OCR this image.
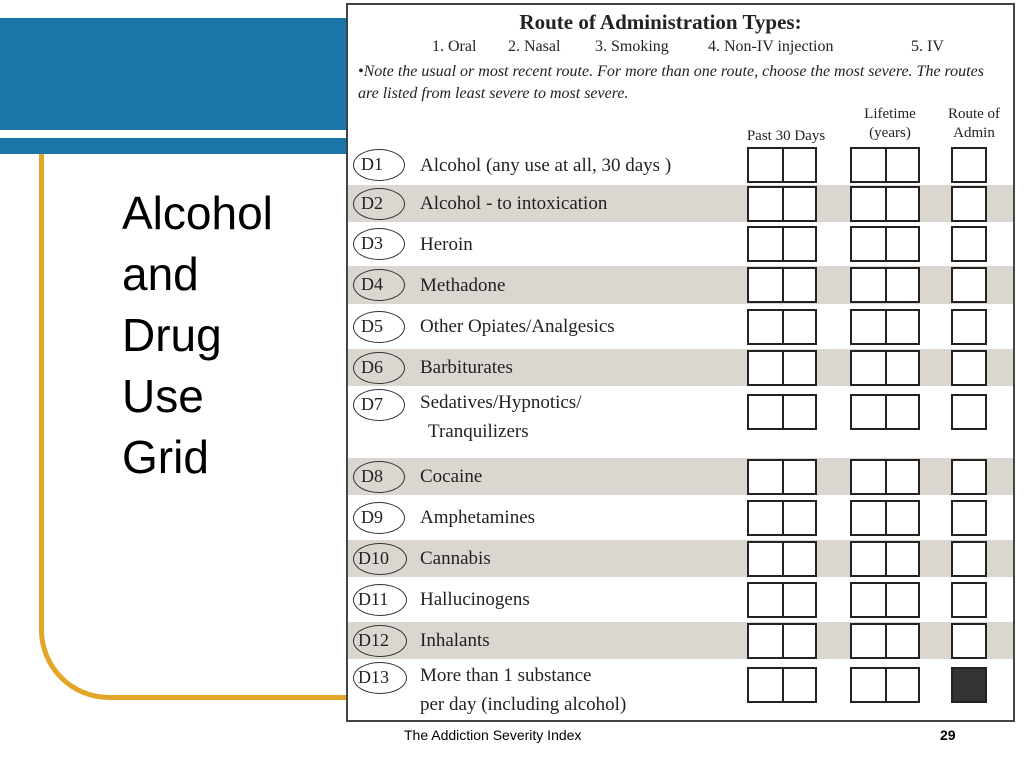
Alcohol
and
Drug
Use
Grid
Route of Administration Types:
1. Oral 2. Nasal 3. Smoking 4. Non-IV injection	5. IV
•Note the usual or most recent route. For more than one route, choose the most severe. The routes are listed from least severe to most severe.
Past 30 Days
Lifetime
(years)
Route of
Admin
D1	Alcohol (any use at all, 30 days )
D2	Alcohol - to intoxication
D3	Heroin
D4	Methadone
D5	Other Opiates/Analgesics
D6	Barbiturates
D7	Sedatives/Hypnotics/
Tranquilizers
D8	Cocaine
D9	Amphetamines
D10	Cannabis
D11	Hallucinogens
D12	Inhalants
D13	More than 1 substance
per day (including alcohol)
The Addiction Severity Index	29
